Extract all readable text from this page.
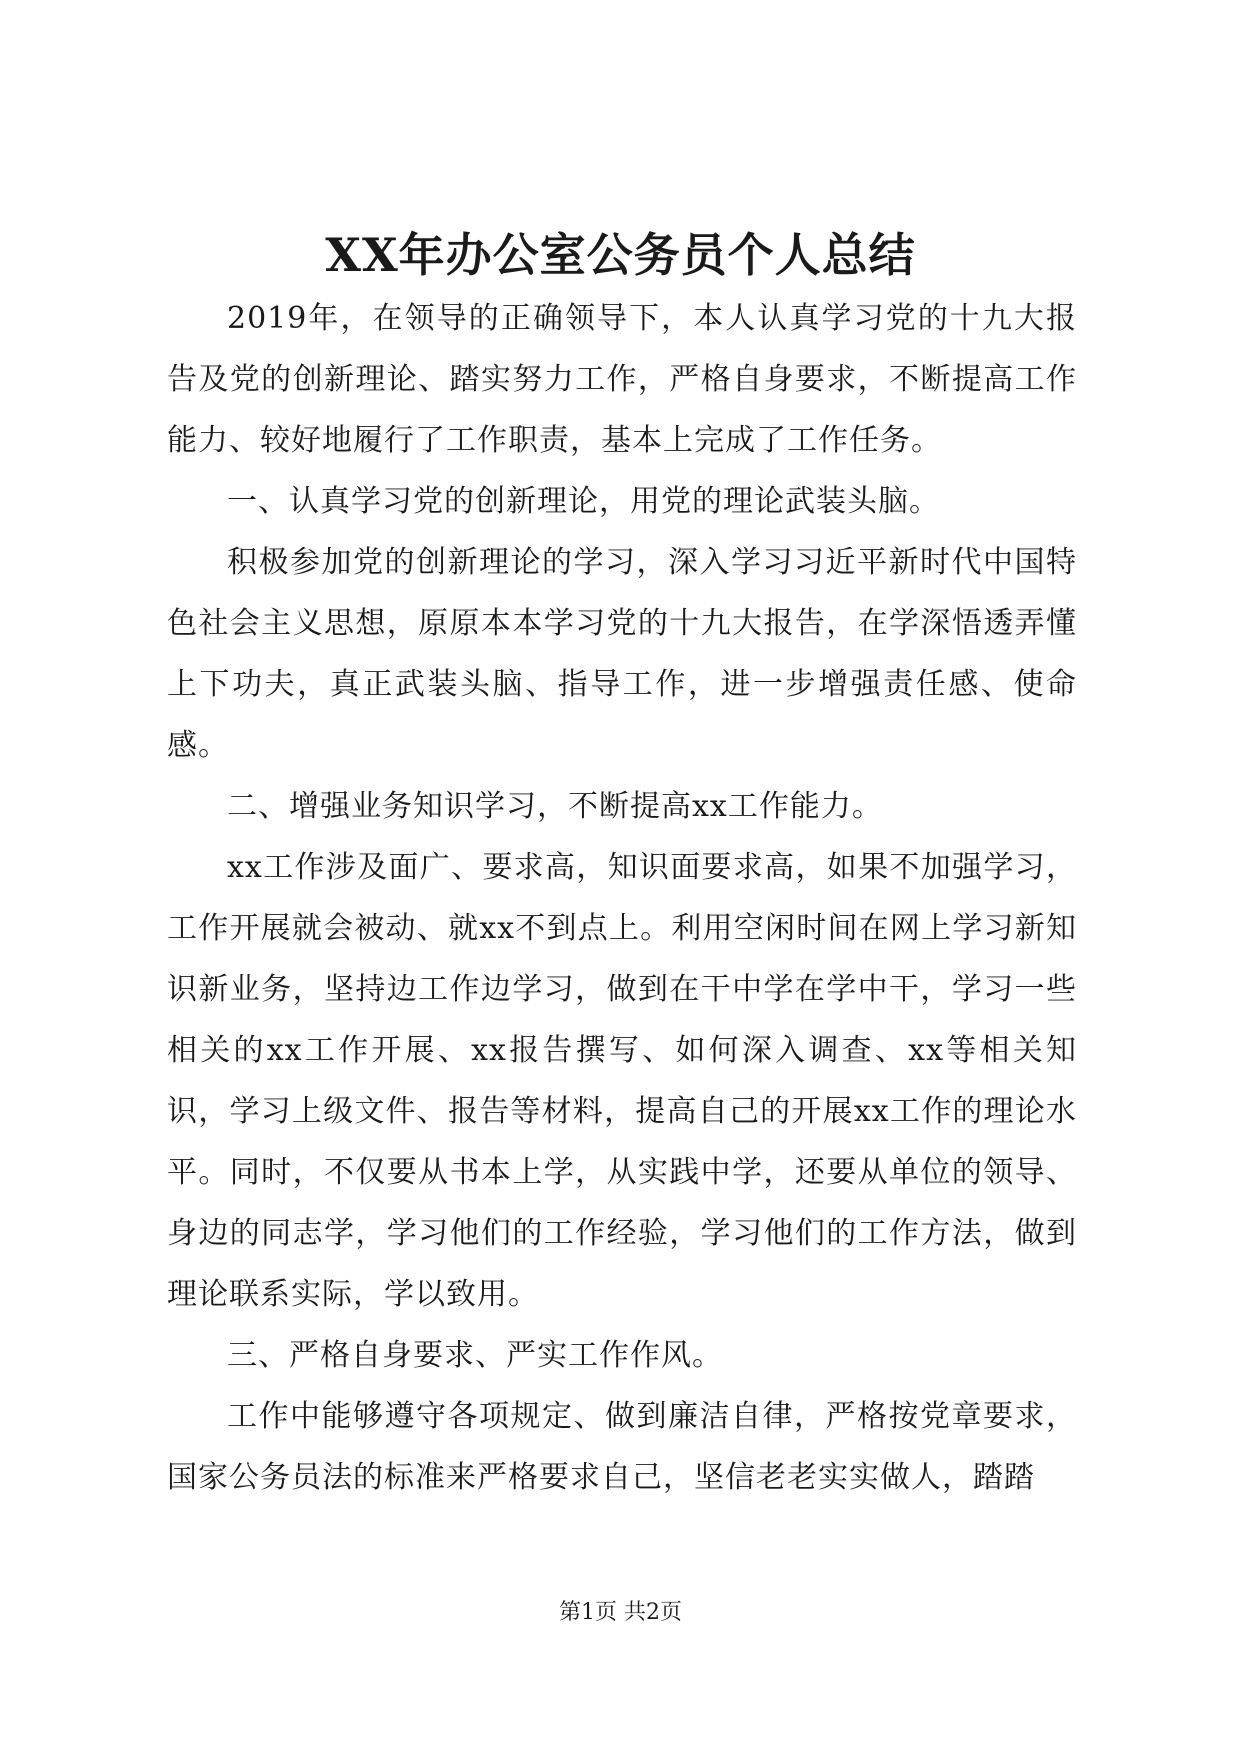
XX年办公室公务员个人总结

2019年，在领导的正确领导下，本人认真学习党的十九大报告及党的创新理论、踏实努力工作，严格自身要求，不断提高工作能力、较好地履行了工作职责，基本上完成了工作任务。

一、认真学习党的创新理论，用党的理论武装头脑。

积极参加党的创新理论的学习，深入学习习近平新时代中国特色社会主义思想，原原本本学习党的十九大报告，在学深悟透弄懂上下功夫，真正武装头脑、指导工作，进一步增强责任感、使命感。

二、增强业务知识学习，不断提高xx工作能力。

xx工作涉及面广、要求高，知识面要求高，如果不加强学习，工作开展就会被动、就xx不到点上。利用空闲时间在网上学习新知识新业务，坚持边工作边学习，做到在干中学在学中干，学习一些相关的xx工作开展、xx报告撰写、如何深入调查、xx等相关知识，学习上级文件、报告等材料，提高自己的开展xx工作的理论水平。同时，不仅要从书本上学，从实践中学，还要从单位的领导、身边的同志学，学习他们的工作经验，学习他们的工作方法，做到理论联系实际，学以致用。

三、严格自身要求、严实工作作风。

工作中能够遵守各项规定、做到廉洁自律，严格按党章要求，国家公务员法的标准来严格要求自己，坚信老老实实做人，踏踏

第1页 共2页
